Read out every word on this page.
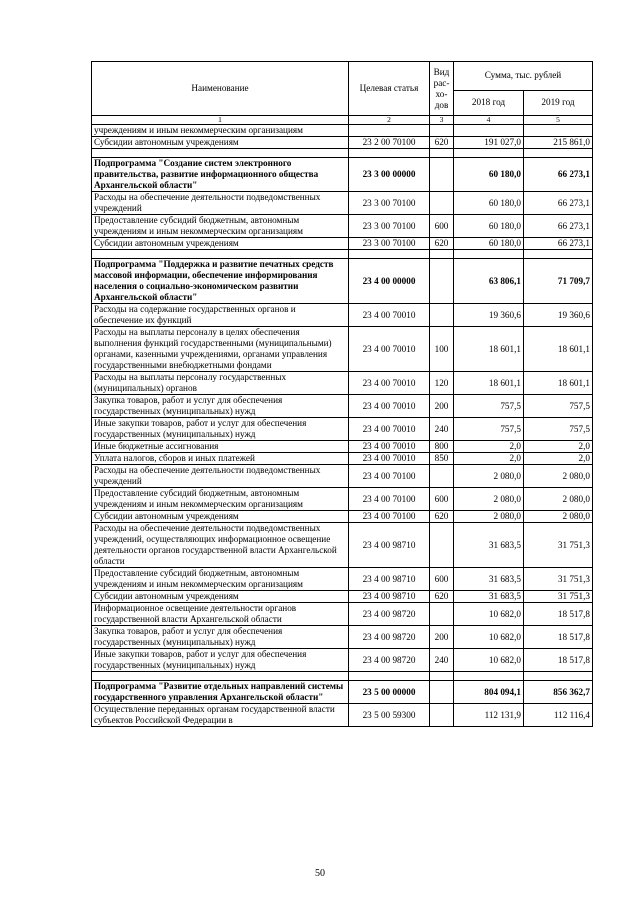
Наименование	Целевая статья	Вид рас- хо- дов	Сумма, тыс. рублей	
			2018 год	2019 год
1	2	3	4	5
учреждениям и иным некоммерческим организациям				
Субсидии автономным учреждениям	23 2 00 70100	620	191 027,0	215 861,0

Подпрограмма "Создание систем электронного правительства, развитие информационного общества Архангельской области"	23 3 00 00000		60 180,0	66 273,1
Расходы на обеспечение деятельности подведомственных учреждений	23 3 00 70100		60 180,0	66 273,1
Предоставление субсидий бюджетным, автономным учреждениям и иным некоммерческим организациям	23 3 00 70100	600	60 180,0	66 273,1
Субсидии автономным учреждениям	23 3 00 70100	620	60 180,0	66 273,1

Подпрограмма "Поддержка и развитие печатных средств массовой информации, обеспечение информирования населения о социально-экономическом развитии Архангельской области"	23 4 00 00000		63 806,1	71 709,7
Расходы на содержание государственных органов и обеспечение их функций	23 4 00 70010		19 360,6	19 360,6
Расходы на выплаты персоналу в целях обеспечения выполнения функций государственными (муниципальными) органами, казенными учреждениями, органами управления государственными внебюджетными фондами	23 4 00 70010	100	18 601,1	18 601,1
Расходы на выплаты персоналу государственных (муниципальных) органов	23 4 00 70010	120	18 601,1	18 601,1
Закупка товаров, работ и услуг для обеспечения государственных (муниципальных) нужд	23 4 00 70010	200	757,5	757,5
Иные закупки товаров, работ и услуг для обеспечения государственных (муниципальных) нужд	23 4 00 70010	240	757,5	757,5
Иные бюджетные ассигнования	23 4 00 70010	800	2,0	2,0
Уплата налогов, сборов и иных платежей	23 4 00 70010	850	2,0	2,0
Расходы на обеспечение деятельности подведомственных учреждений	23 4 00 70100		2 080,0	2 080,0
Предоставление субсидий бюджетным, автономным учреждениям и иным некоммерческим организациям	23 4 00 70100	600	2 080,0	2 080,0
Субсидии автономным учреждениям	23 4 00 70100	620	2 080,0	2 080,0
Расходы на обеспечение деятельности подведомственных учреждений, осуществляющих информационное освещение деятельности органов государственной власти Архангельской области	23 4 00 98710		31 683,5	31 751,3
Предоставление субсидий бюджетным, автономным учреждениям и иным некоммерческим организациям	23 4 00 98710	600	31 683,5	31 751,3
Субсидии автономным учреждениям	23 4 00 98710	620	31 683,5	31 751,3
Информационное освещение деятельности органов государственной власти Архангельской области	23 4 00 98720		10 682,0	18 517,8
Закупка товаров, работ и услуг для обеспечения государственных (муниципальных) нужд	23 4 00 98720	200	10 682,0	18 517,8
Иные закупки товаров, работ и услуг для обеспечения государственных (муниципальных) нужд	23 4 00 98720	240	10 682,0	18 517,8

Подпрограмма "Развитие отдельных направлений системы государственного управления Архангельской области"	23 5 00 00000		804 094,1	856 362,7
Осуществление переданных органам государственной власти субъектов Российской Федерации в	23 5 00 59300		112 131,9	112 116,4
50
